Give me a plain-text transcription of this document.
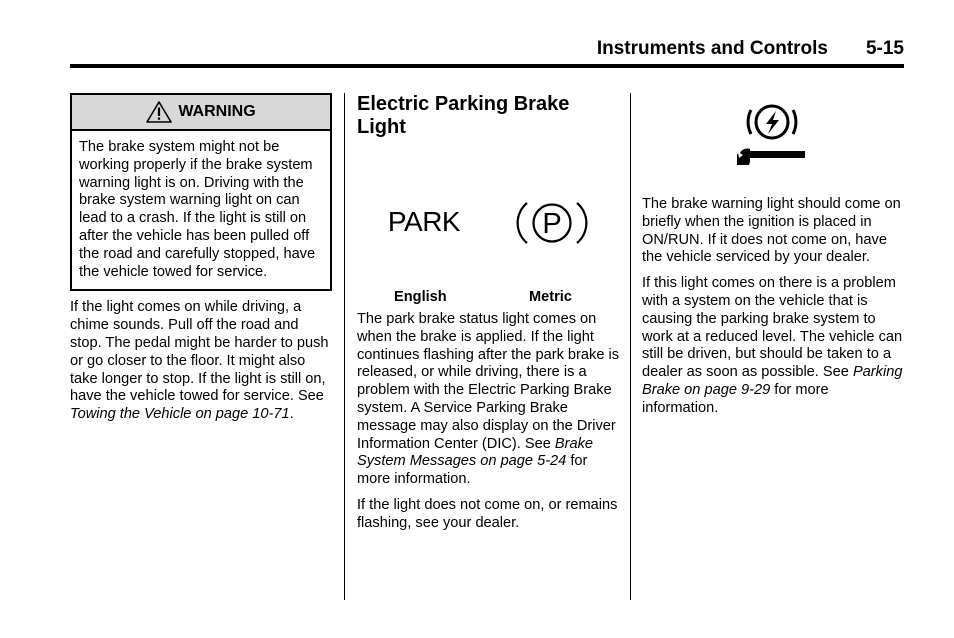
Instruments and Controls 5-15
WARNING

The brake system might not be working properly if the brake system warning light is on. Driving with the brake system warning light on can lead to a crash. If the light is still on after the vehicle has been pulled off the road and carefully stopped, have the vehicle towed for service.

If the light comes on while driving, a chime sounds. Pull off the road and stop. The pedal might be harder to push or go closer to the floor. It might also take longer to stop. If the light is still on, have the vehicle towed for service. See Towing the Vehicle on page 10-71.

Electric Parking Brake Light
PARK	P
English	Metric

The park brake status light comes on when the brake is applied. If the light continues flashing after the park brake is released, or while driving, there is a problem with the Electric Parking Brake system. A Service Parking Brake message may also display on the Driver Information Center (DIC). See Brake System Messages on page 5-24 for more information.

If the light does not come on, or remains flashing, see your dealer.

The brake warning light should come on briefly when the ignition is placed in ON/RUN. If it does not come on, have the vehicle serviced by your dealer.

If this light comes on there is a problem with a system on the vehicle that is causing the parking brake system to work at a reduced level. The vehicle can still be driven, but should be taken to a dealer as soon as possible. See Parking Brake on page 9-29 for more information.
